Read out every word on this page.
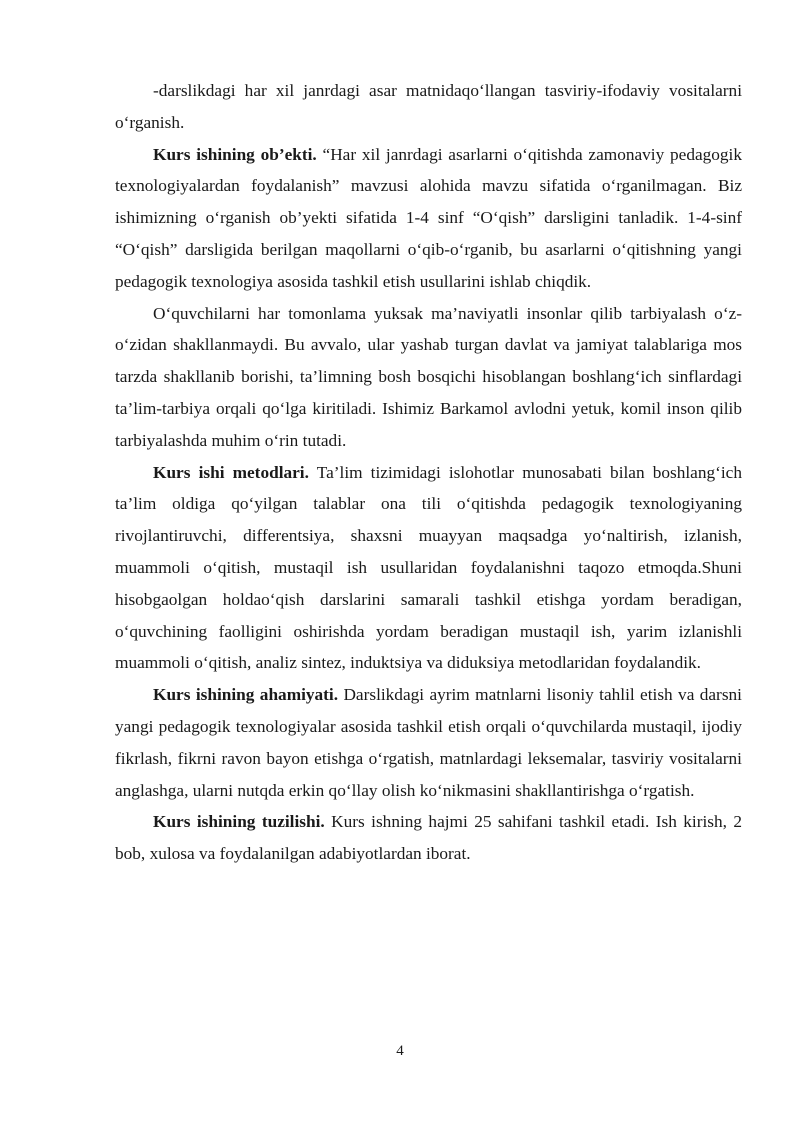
-darslikdagi har xil janrdagi asar matnidaqo‘llangan tasviriy-ifodaviy vositalarni o‘rganish.

Kurs ishining ob’ekti. “Har xil janrdagi asarlarni o‘qitishda zamonaviy pedagogik texnologiyalardan foydalanish” mavzusi alohida mavzu sifatida o‘rganilmagan. Biz ishimizning o‘rganish ob’yekti sifatida 1-4 sinf “O‘qish” darsligini tanladik. 1-4-sinf “O‘qish” darsligida berilgan maqollarni o‘qib-o‘rganib, bu asarlarni o‘qitishning yangi pedagogik texnologiya asosida tashkil etish usullarini ishlab chiqdik.

O‘quvchilarni har tomonlama yuksak ma’naviyatli insonlar qilib tarbiyalash o‘z-o‘zidan shakllanmaydi. Bu avvalo, ular yashab turgan davlat va jamiyat talablariga mos tarzda shakllanib borishi, ta’limning bosh bosqichi hisoblangan boshlang‘ich sinflardagi ta’lim-tarbiya orqali qo‘lga kiritiladi. Ishimiz Barkamol avlodni yetuk, komil inson qilib tarbiyalashda muhim o‘rin tutadi.

Kurs ishi metodlari. Ta’lim tizimidagi islohotlar munosabati bilan boshlang‘ich ta’lim oldiga qo‘yilgan talablar ona tili o‘qitishda pedagogik texnologiyaning rivojlantiruvchi, differentsiya, shaxsni muayyan maqsadga yo‘naltirish, izlanish, muammoli o‘qitish, mustaqil ish usullaridan foydalanishni taqozo etmoqda.Shuni hisobgaolgan holdao‘qish darslarini samarali tashkil etishga yordam beradigan, o‘quvchining faolligini oshirishda yordam beradigan mustaqil ish, yarim izlanishli muammoli o‘qitish, analiz sintez, induktsiya va diduksiya metodlaridan foydalandik.

Kurs ishining ahamiyati. Darslikdagi ayrim matnlarni lisoniy tahlil etish va darsni yangi pedagogik texnologiyalar asosida tashkil etish orqali o‘quvchilarda mustaqil, ijodiy fikrlash, fikrni ravon bayon etishga o‘rgatish, matnlardagi leksemalar, tasviriy vositalarni anglashga, ularni nutqda erkin qo‘llay olish ko‘nikmasini shakllantirishga o‘rgatish.

Kurs ishining tuzilishi. Kurs ishning hajmi 25 sahifani tashkil etadi. Ish kirish, 2 bob, xulosa va foydalanilgan adabiyotlardan iborat.

4
